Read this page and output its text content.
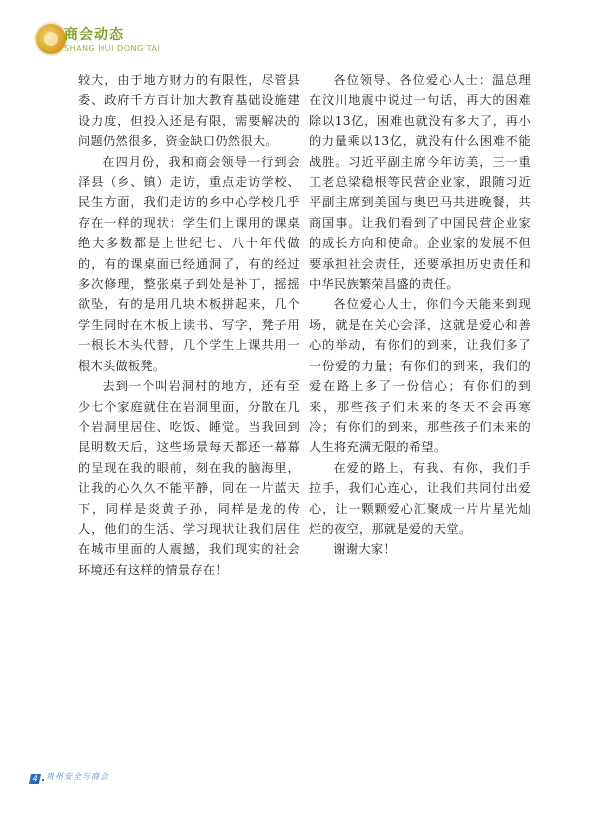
商会动态
SHANG HUI DONG TAI

较大，由于地方财力的有限性，尽管县委、政府千方百计加大教育基础设施建设力度，但投入还是有限，需要解决的问题仍然很多，资金缺口仍然很大。

在四月份，我和商会领导一行到会泽县（乡、镇）走访，重点走访学校、民生方面，我们走访的乡中心学校几乎存在一样的现状：学生们上课用的课桌绝大多数都是上世纪七、八十年代做的，有的课桌面已经通洞了，有的经过多次修理，整张桌子到处是补丁，摇摇欲坠，有的是用几块木板拼起来，几个学生同时在木板上读书、写字，凳子用一根长木头代替，几个学生上课共用一根木头做板凳。

去到一个叫岩洞村的地方，还有至少七个家庭就住在岩洞里面，分散在几个岩洞里居住、吃饭、睡觉。当我回到昆明数天后，这些场景每天都还一幕幕的呈现在我的眼前，刻在我的脑海里，让我的心久久不能平静，同在一片蓝天下，同样是炎黄子孙，同样是龙的传人，他们的生活、学习现状让我们居住在城市里面的人震撼，我们现实的社会环境还有这样的情景存在！

各位领导、各位爱心人士：温总理在汶川地震中说过一句话，再大的困难除以13亿，困难也就没有多大了，再小的力量乘以13亿，就没有什么困难不能战胜。习近平副主席今年访美，三一重工老总梁稳根等民营企业家，跟随习近平副主席到美国与奥巴马共进晚餐，共商国事。让我们看到了中国民营企业家的成长方向和使命。企业家的发展不但要承担社会责任，还要承担历史责任和中华民族繁荣昌盛的责任。

各位爱心人士，你们今天能来到现场，就是在关心会泽，这就是爱心和善心的举动，有你们的到来，让我们多了一份爱的力量；有你们的到来，我们的爱在路上多了一份信心；有你们的到来，那些孩子们未来的冬天不会再寒冷；有你们的到来，那些孩子们未来的人生将充满无限的希望。

在爱的路上，有我、有你，我们手拉手，我们心连心，让我们共同付出爱心，让一颗颗爱心汇聚成一片片星光灿烂的夜空，那就是爱的天堂。

谢谢大家！

4 贵州安全与商会
